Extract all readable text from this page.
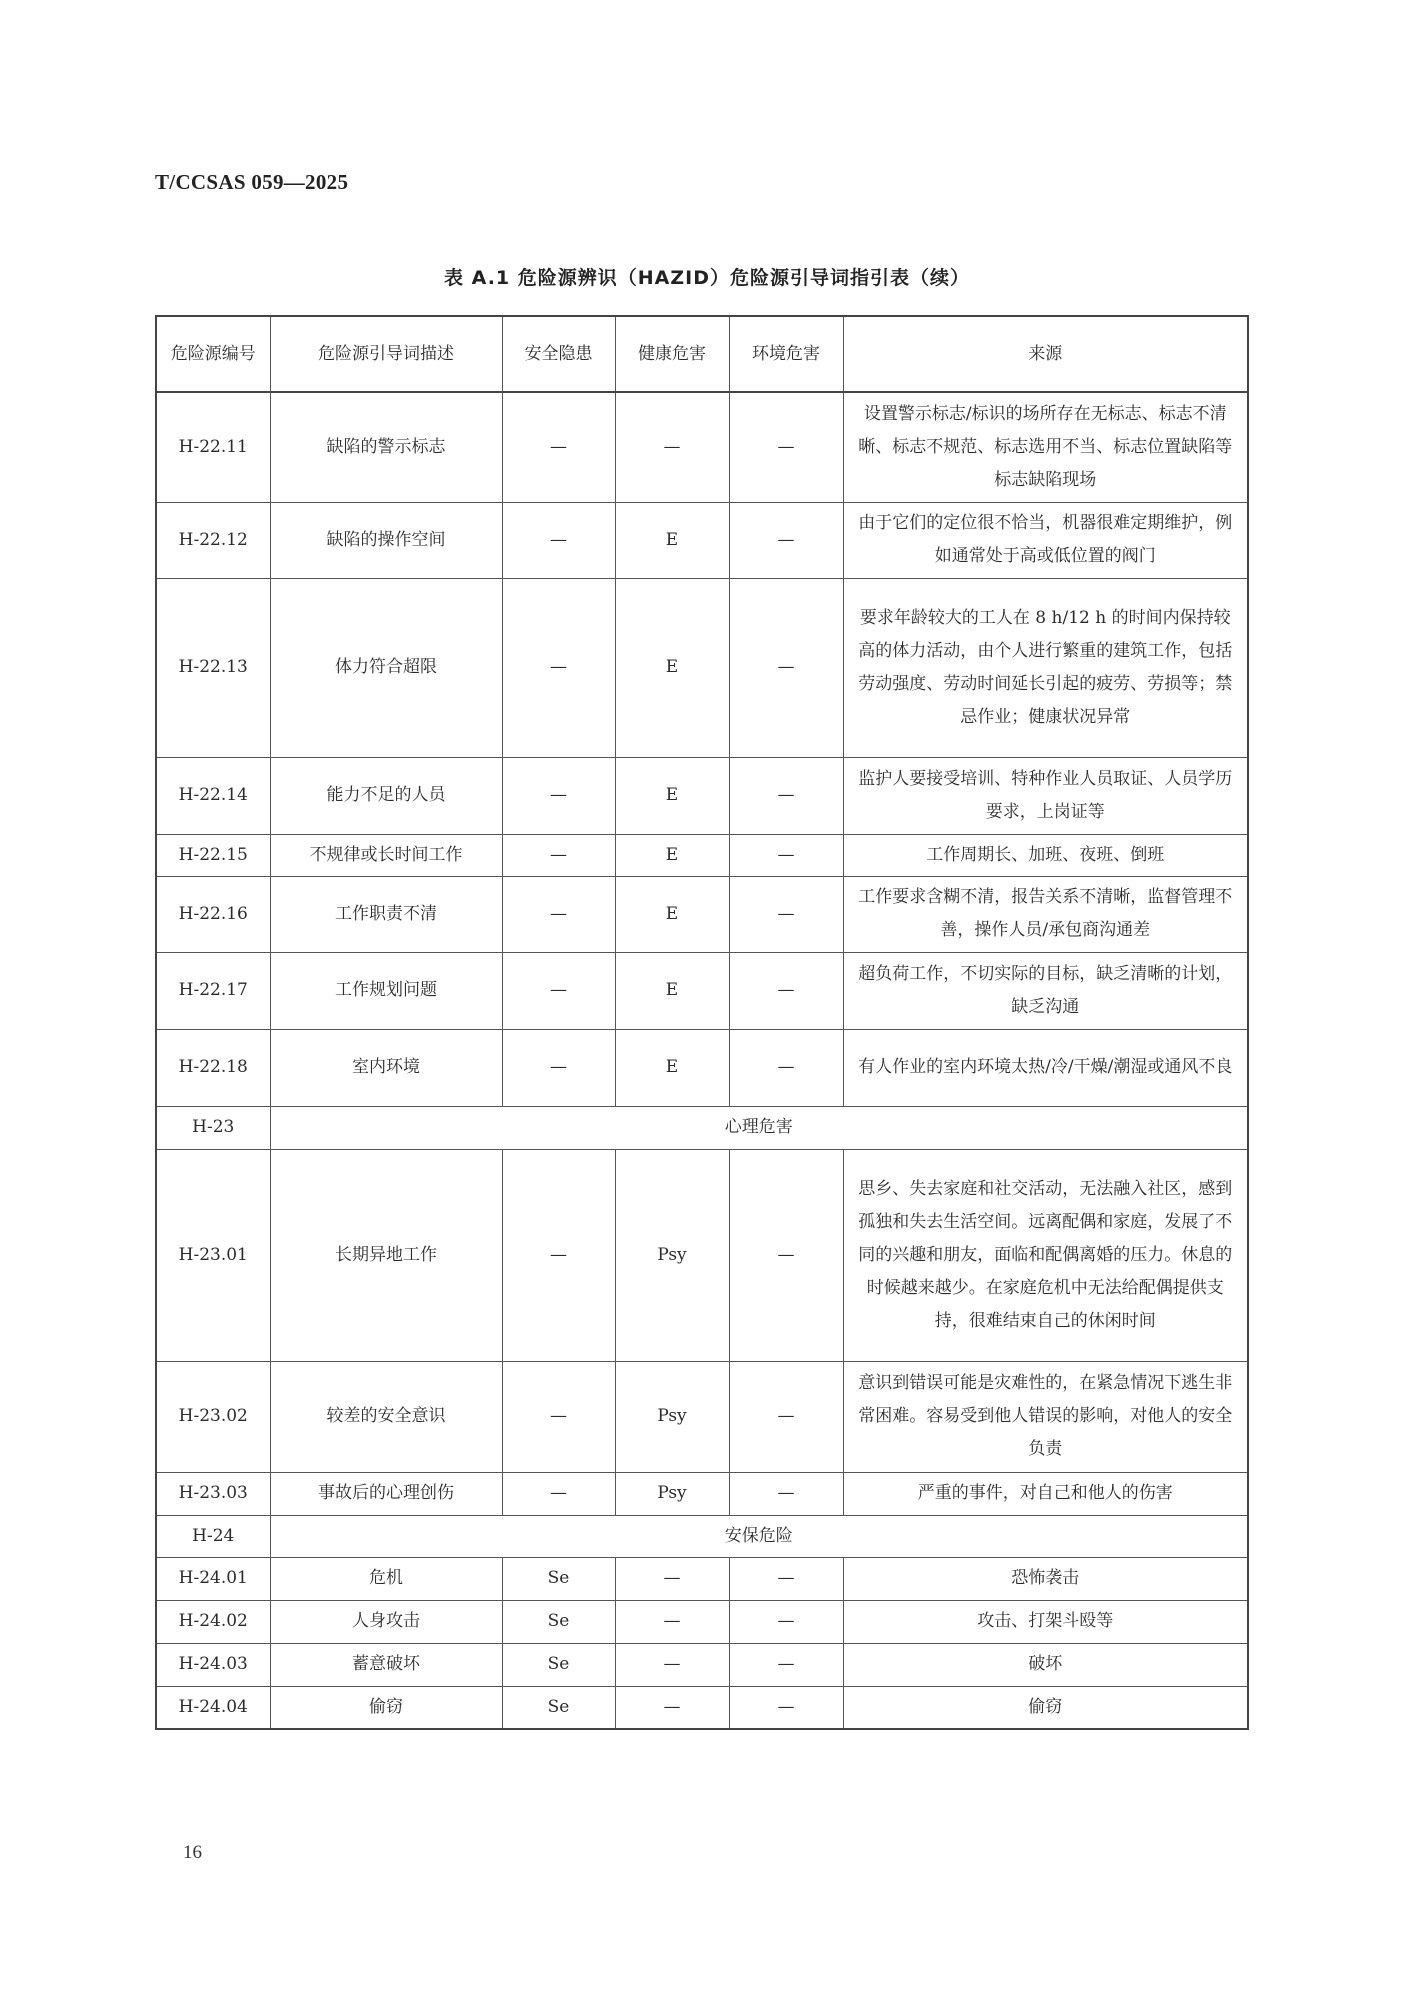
T/CCSAS 059—2025
表 A.1 危险源辨识（HAZID）危险源引导词指引表（续）
危险源编号	危险源引导词描述	安全隐患	健康危害	环境危害	来源
H-22.11	缺陷的警示标志	—	—	—	设置警示标志/标识的场所存在无标志、标志不清晰、标志不规范、标志选用不当、标志位置缺陷等标志缺陷现场
H-22.12	缺陷的操作空间	—	E	—	由于它们的定位很不恰当，机器很难定期维护，例如通常处于高或低位置的阀门
H-22.13	体力符合超限	—	E	—	要求年龄较大的工人在 8 h/12 h 的时间内保持较高的体力活动，由个人进行繁重的建筑工作，包括劳动强度、劳动时间延长引起的疲劳、劳损等；禁忌作业；健康状况异常
H-22.14	能力不足的人员	—	E	—	监护人要接受培训、特种作业人员取证、人员学历要求，上岗证等
H-22.15	不规律或长时间工作	—	E	—	工作周期长、加班、夜班、倒班
H-22.16	工作职责不清	—	E	—	工作要求含糊不清，报告关系不清晰，监督管理不善，操作人员/承包商沟通差
H-22.17	工作规划问题	—	E	—	超负荷工作，不切实际的目标，缺乏清晰的计划，缺乏沟通
H-22.18	室内环境	—	E	—	有人作业的室内环境太热/冷/干燥/潮湿或通风不良
H-23	心理危害				
H-23.01	长期异地工作	—	Psy	—	思乡、失去家庭和社交活动，无法融入社区，感到孤独和失去生活空间。远离配偶和家庭，发展了不同的兴趣和朋友，面临和配偶离婚的压力。休息的时候越来越少。在家庭危机中无法给配偶提供支持，很难结束自己的休闲时间
H-23.02	较差的安全意识	—	Psy	—	意识到错误可能是灾难性的，在紧急情况下逃生非常困难。容易受到他人错误的影响，对他人的安全负责
H-23.03	事故后的心理创伤	—	Psy	—	严重的事件，对自己和他人的伤害
H-24	安保危险				
H-24.01	危机	Se	—	—	恐怖袭击
H-24.02	人身攻击	Se	—	—	攻击、打架斗殴等
H-24.03	蓄意破坏	Se	—	—	破坏
H-24.04	偷窃	Se	—	—	偷窃
16
